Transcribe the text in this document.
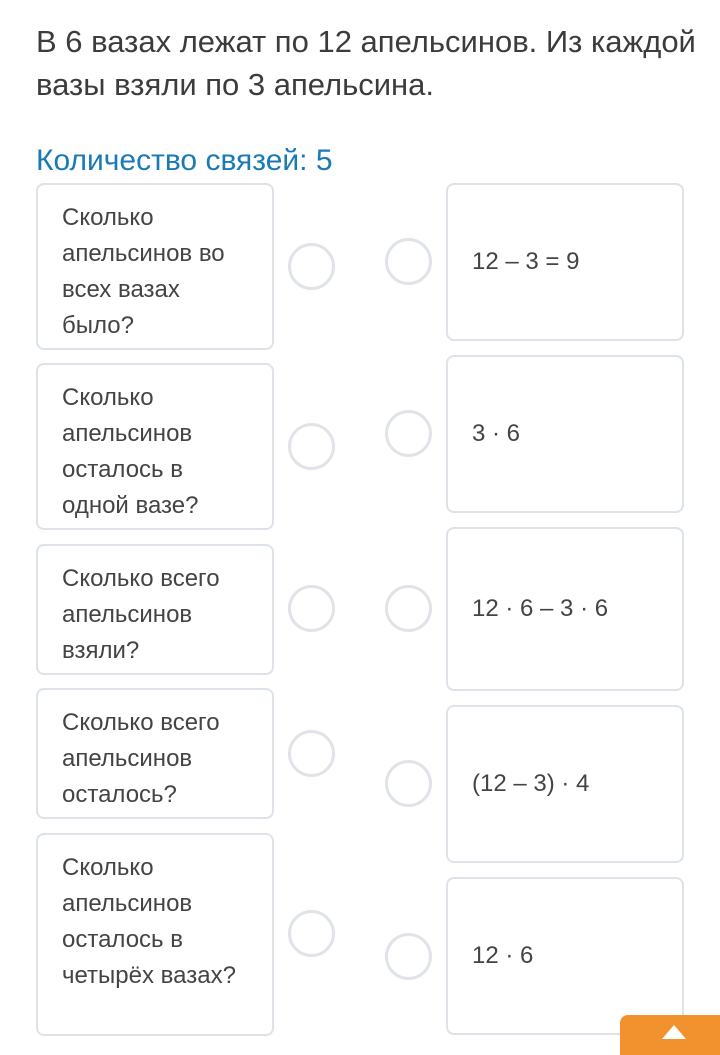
В 6 вазах лежат по 12 апельсинов. Из каждой вазы взяли по 3 апельсина.
Количество связей: 5
Сколько апельсинов во всех вазах было?
Сколько апельсинов осталось в одной вазе?
Сколько всего апельсинов взяли?
Сколько всего апельсинов осталось?
Сколько апельсинов осталось в четырёх вазах?
12 – 3 = 9
3 · 6
12 · 6 – 3 · 6
(12 – 3) · 4
12 · 6
